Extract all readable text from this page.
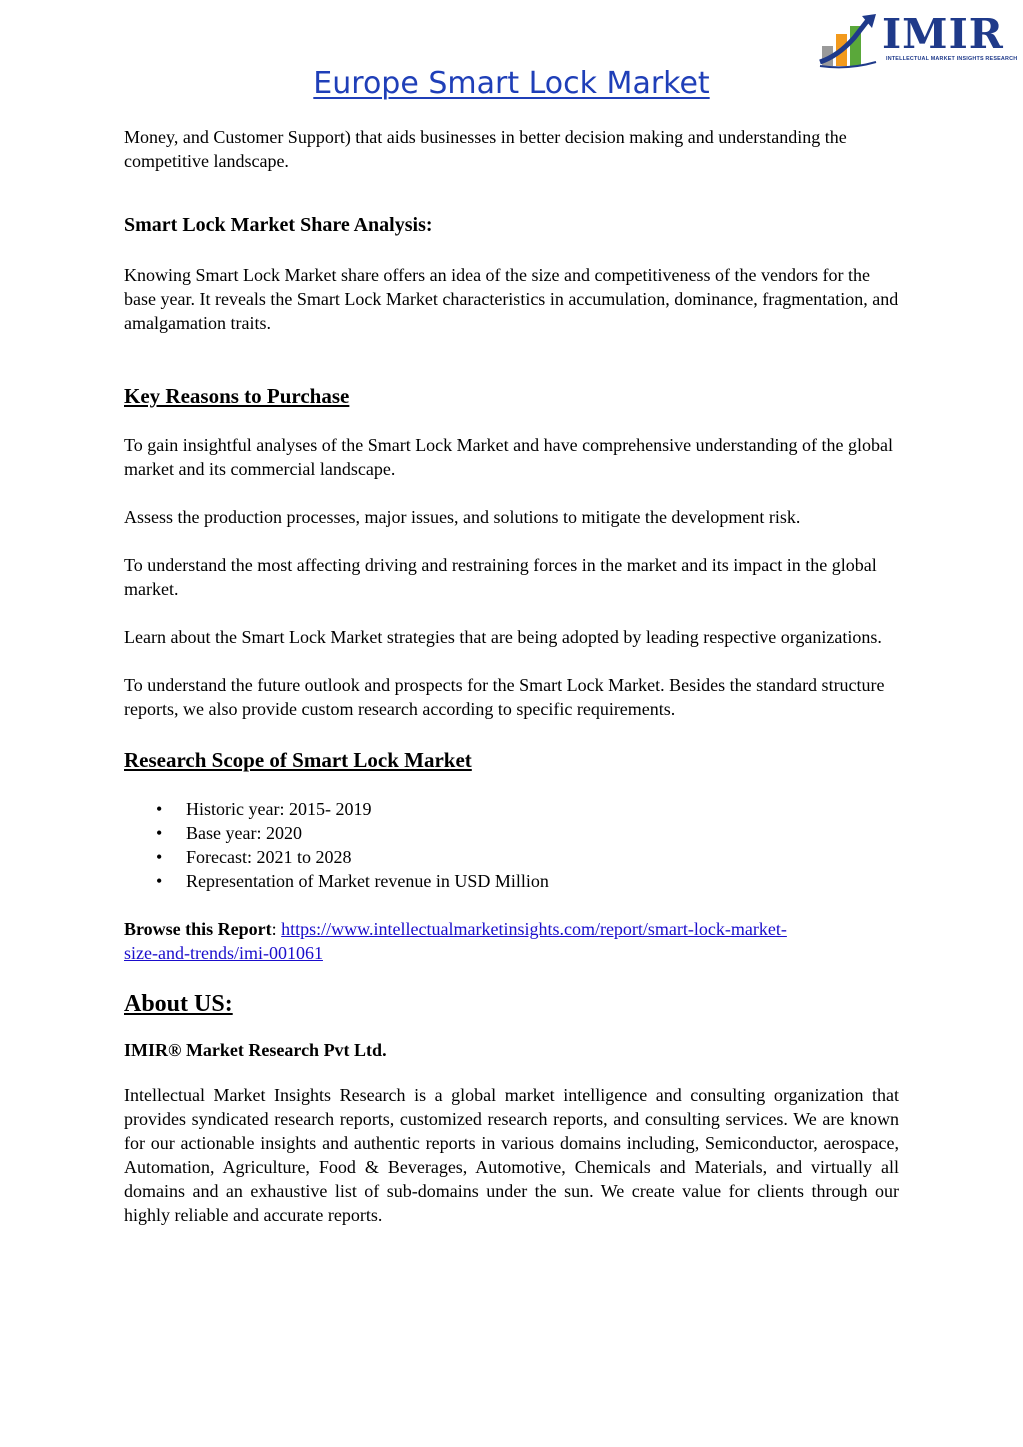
IMIR
INTELLECTUAL MARKET INSIGHTS RESEARCH
Europe Smart Lock Market

Money, and Customer Support) that aids businesses in better decision making and understanding the competitive landscape.

Smart Lock Market Share Analysis:

Knowing Smart Lock Market share offers an idea of the size and competitiveness of the vendors for the base year. It reveals the Smart Lock Market characteristics in accumulation, dominance, fragmentation, and amalgamation traits.

Key Reasons to Purchase

To gain insightful analyses of the Smart Lock Market and have comprehensive understanding of the global market and its commercial landscape.

Assess the production processes, major issues, and solutions to mitigate the development risk.

To understand the most affecting driving and restraining forces in the market and its impact in the global market.

Learn about the Smart Lock Market strategies that are being adopted by leading respective organizations.

To understand the future outlook and prospects for the Smart Lock Market. Besides the standard structure reports, we also provide custom research according to specific requirements.

Research Scope of Smart Lock Market

• Historic year: 2015- 2019
• Base year: 2020
• Forecast: 2021 to 2028
• Representation of Market revenue in USD Million

Browse this Report: https://www.intellectualmarketinsights.com/report/smart-lock-market-
size-and-trends/imi-001061

About US:

IMIR® Market Research Pvt Ltd.

Intellectual Market Insights Research is a global market intelligence and consulting organization that provides syndicated research reports, customized research reports, and consulting services. We are known for our actionable insights and authentic reports in various domains including, Semiconductor, aerospace, Automation, Agriculture, Food & Beverages, Automotive, Chemicals and Materials, and virtually all domains and an exhaustive list of sub-domains under the sun. We create value for clients through our highly reliable and accurate reports.
